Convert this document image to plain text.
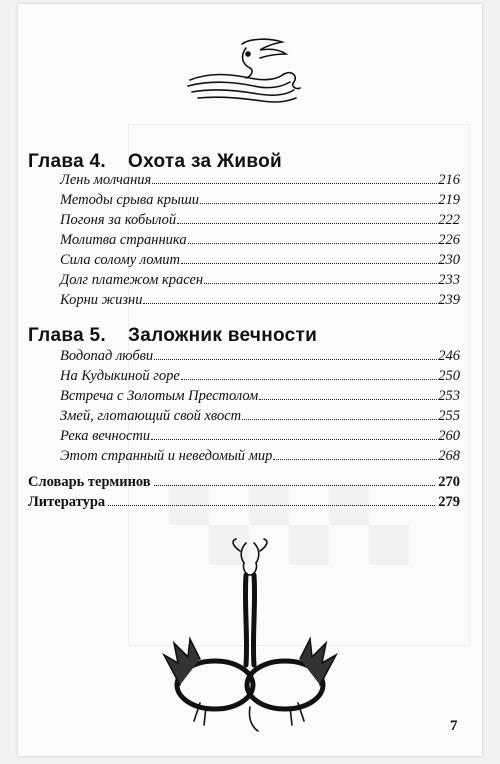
Глава 4. Охота за Живой
Лень молчания	216
Методы срыва крыши	219
Погоня за кобылой	222
Молитва странника	226
Сила солому ломит	230
Долг платежом красен	233
Корни жизни	239
Глава 5. Заложник вечности
Водопад любви	246
На Кудыкиной горе	250
Встреча с Золотым Престолом	253
Змей, глотающий свой хвост	255
Река вечности	260
Этот странный и неведомый мир	268
Словарь терминов	270
Литература	279
7
